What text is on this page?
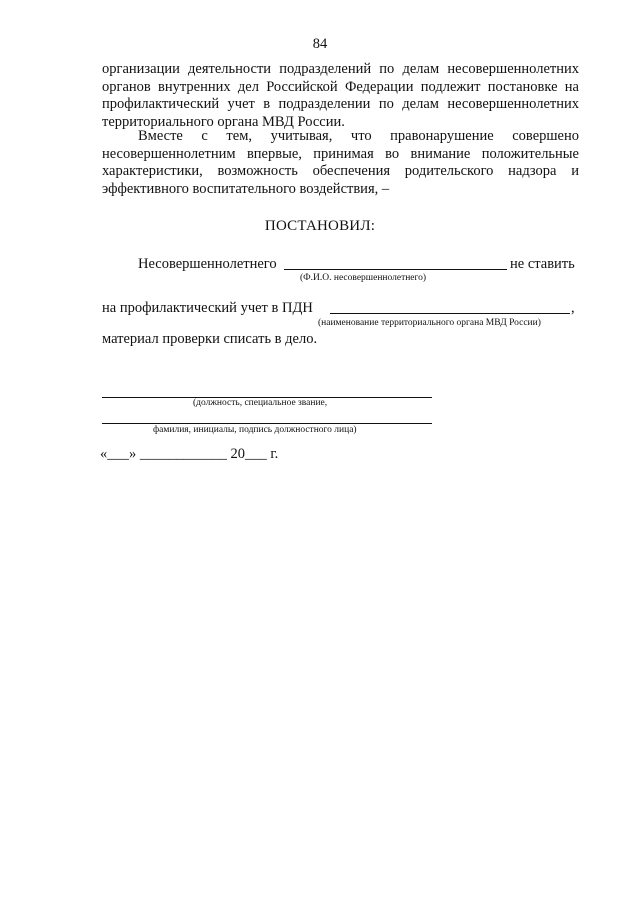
84
организации деятельности подразделений по делам несовершеннолетних органов внутренних дел Российской Федерации подлежит постановке на профилактический учет в подразделении по делам несовершеннолетних территориального органа МВД России.
Вместе с тем, учитывая, что правонарушение совершено несовершеннолетним впервые, принимая во внимание положительные характеристики, возможность обеспечения родительского надзора и эффективного воспитательного воздействия, –
ПОСТАНОВИЛ:
Несовершеннолетнего	не ставить
(Ф.И.О. несовершеннолетнего)
на профилактический учет в ПДН	,
(наименование территориального органа МВД России)
материал проверки списать в дело.
(должность, специальное звание,
фамилия, инициалы, подпись должностного лица)
«___» ____________ 20___ г.
